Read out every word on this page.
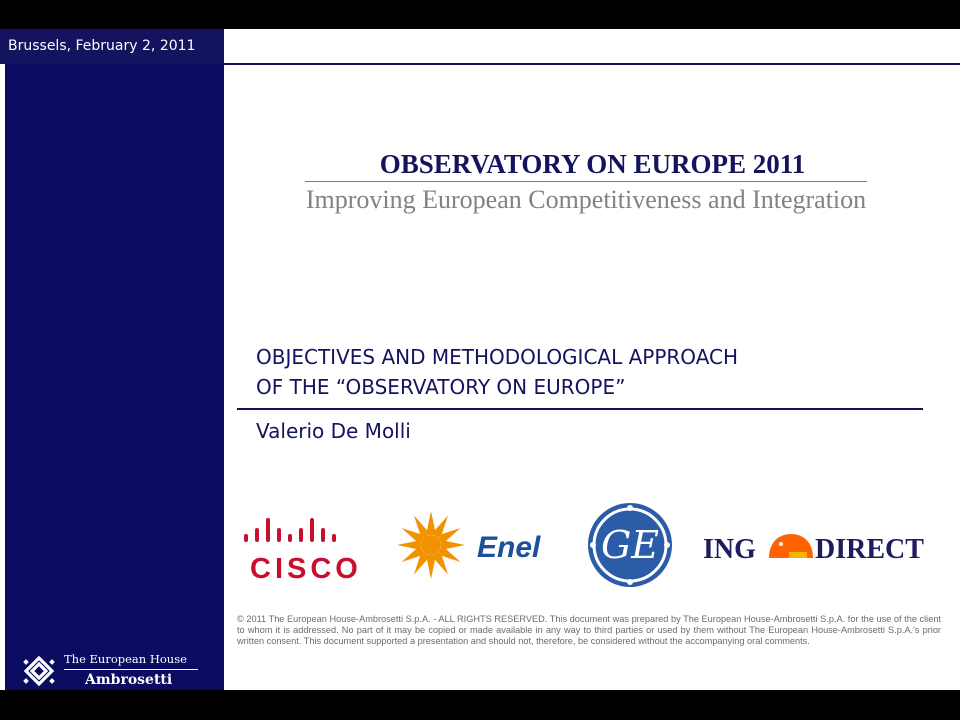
The European House
Ambrosetti
Brussels, February 2, 2011
OBSERVATORY ON EUROPE 2011
Improving European Competitiveness and Integration
OBJECTIVES AND METHODOLOGICAL APPROACH
OF THE “OBSERVATORY ON EUROPE”
Valerio De Molli
CISCO
Enel GE ING DIRECT
© 2011 The European House-Ambrosetti S.p.A. - ALL RIGHTS RESERVED. This document was prepared by The European House-Ambrosetti S.p.A. for the use of the client to whom it is addressed. No part of it may be copied or made available in any way to third parties or used by them without The European House-Ambrosetti S.p.A.'s prior written consent. This document supported a presentation and should not, therefore, be considered without the accompanying oral comments.
